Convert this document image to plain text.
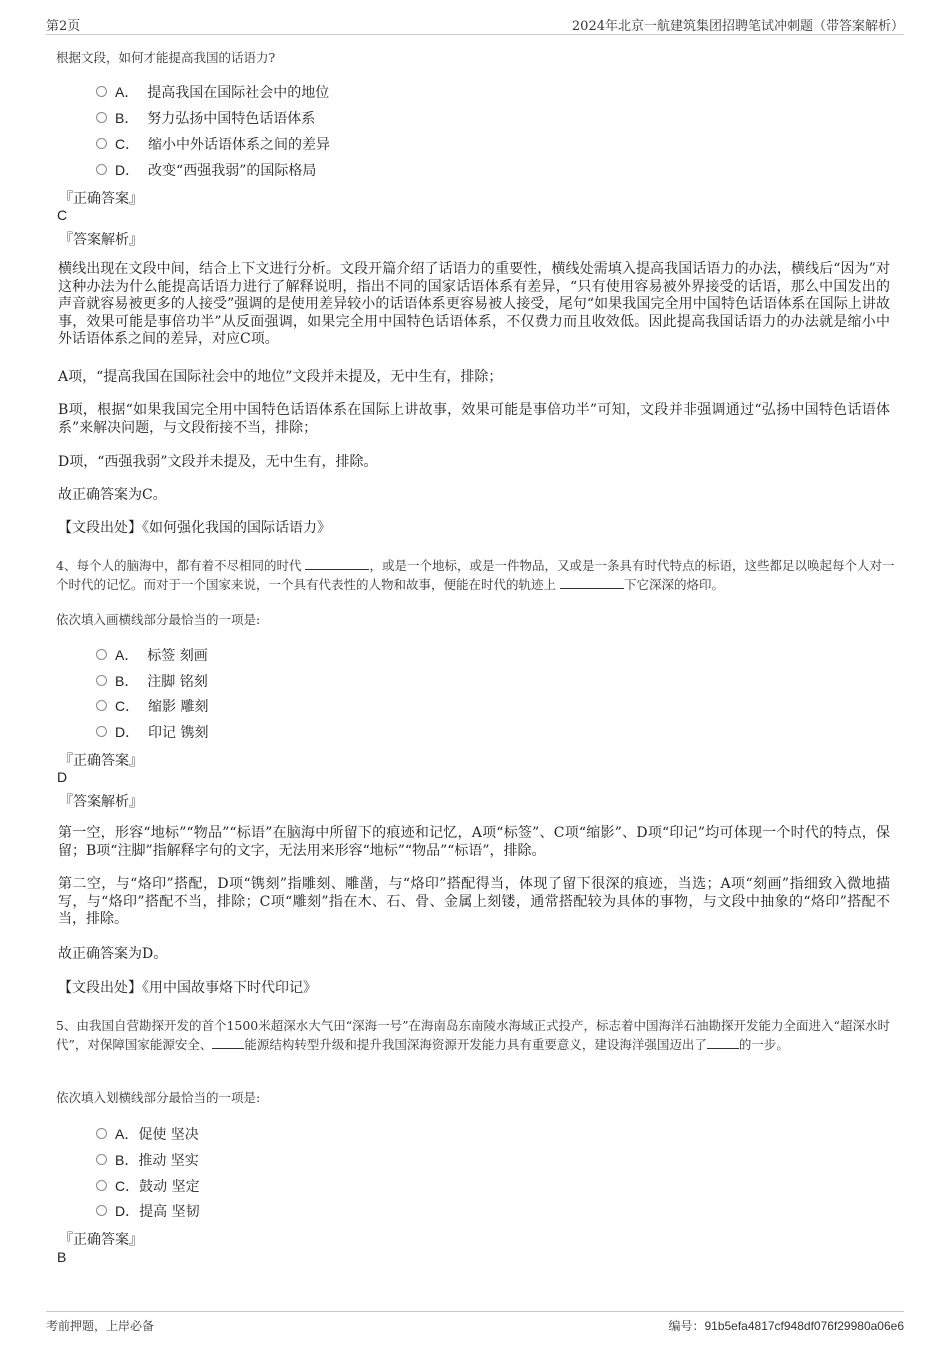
第2页	2024年北京一航建筑集团招聘笔试冲刺题（带答案解析）
根据文段，如何才能提高我国的话语力?
A． 提高我国在国际社会中的地位
B． 努力弘扬中国特色话语体系
C． 缩小中外话语体系之间的差异
D． 改变“西强我弱”的国际格局
『正确答案』
C
『答案解析』
横线出现在文段中间，结合上下文进行分析。文段开篇介绍了话语力的重要性，横线处需填入提高我国话语力的办法，横线后“因为”对这种办法为什么能提高话语力进行了解释说明，指出不同的国家话语体系有差异，“只有使用容易被外界接受的话语，那么中国发出的声音就容易被更多的人接受”强调的是使用差异较小的话语体系更容易被人接受，尾句“如果我国完全用中国特色话语体系在国际上讲故事，效果可能是事倍功半”从反面强调，如果完全用中国特色话语体系，不仅费力而且收效低。因此提高我国话语力的办法就是缩小中外话语体系之间的差异，对应C项。
A项，“提高我国在国际社会中的地位”文段并未提及，无中生有，排除；
B项，根据“如果我国完全用中国特色话语体系在国际上讲故事，效果可能是事倍功半”可知，文段并非强调通过“弘扬中国特色话语体系”来解决问题，与文段衔接不当，排除；
D项，“西强我弱”文段并未提及，无中生有，排除。
故正确答案为C。
【文段出处】《如何强化我国的国际话语力》
4、每个人的脑海中，都有着不尽相同的时代	，或是一个地标，或是一件物品，又或是一条具有时代特点的标语，这些都足以唤起每个人对一个时代的记忆。而对于一个国家来说，一个具有代表性的人物和故事，便能在时代的轨迹上	下它深深的烙印。
依次填入画横线部分最恰当的一项是:
A． 标签 刻画
B． 注脚 铭刻
C． 缩影 雕刻
D． 印记 镌刻
『正确答案』
D
『答案解析』
第一空，形容“地标”“物品”“标语”在脑海中所留下的痕迹和记忆，A项“标签”、C项“缩影”、D项“印记”均可体现一个时代的特点，保留；B项“注脚”指解释字句的文字，无法用来形容“地标”“物品”“标语”，排除。
第二空，与“烙印”搭配，D项“镌刻”指雕刻、雕凿，与“烙印”搭配得当，体现了留下很深的痕迹，当选；A项“刻画”指细致入微地描写，与“烙印”搭配不当，排除；C项“雕刻”指在木、石、骨、金属上刻镂，通常搭配较为具体的事物，与文段中抽象的“烙印”搭配不当，排除。
故正确答案为D。
【文段出处】《用中国故事烙下时代印记》
5、由我国自营勘探开发的首个1500米超深水大气田“深海一号”在海南岛东南陵水海域正式投产，标志着中国海洋石油勘探开发能力全面进入“超深水时代”，对保障国家能源安全、	能源结构转型升级和提升我国深海资源开发能力具有重要意义，建设海洋强国迈出了	的一步。
依次填入划横线部分最恰当的一项是:
A．促使 坚决
B．推动 坚实
C．鼓动 坚定
D．提高 坚韧
『正确答案』
B
考前押题，上岸必备	编号：91b5efa4817cf948df076f29980a06e6
